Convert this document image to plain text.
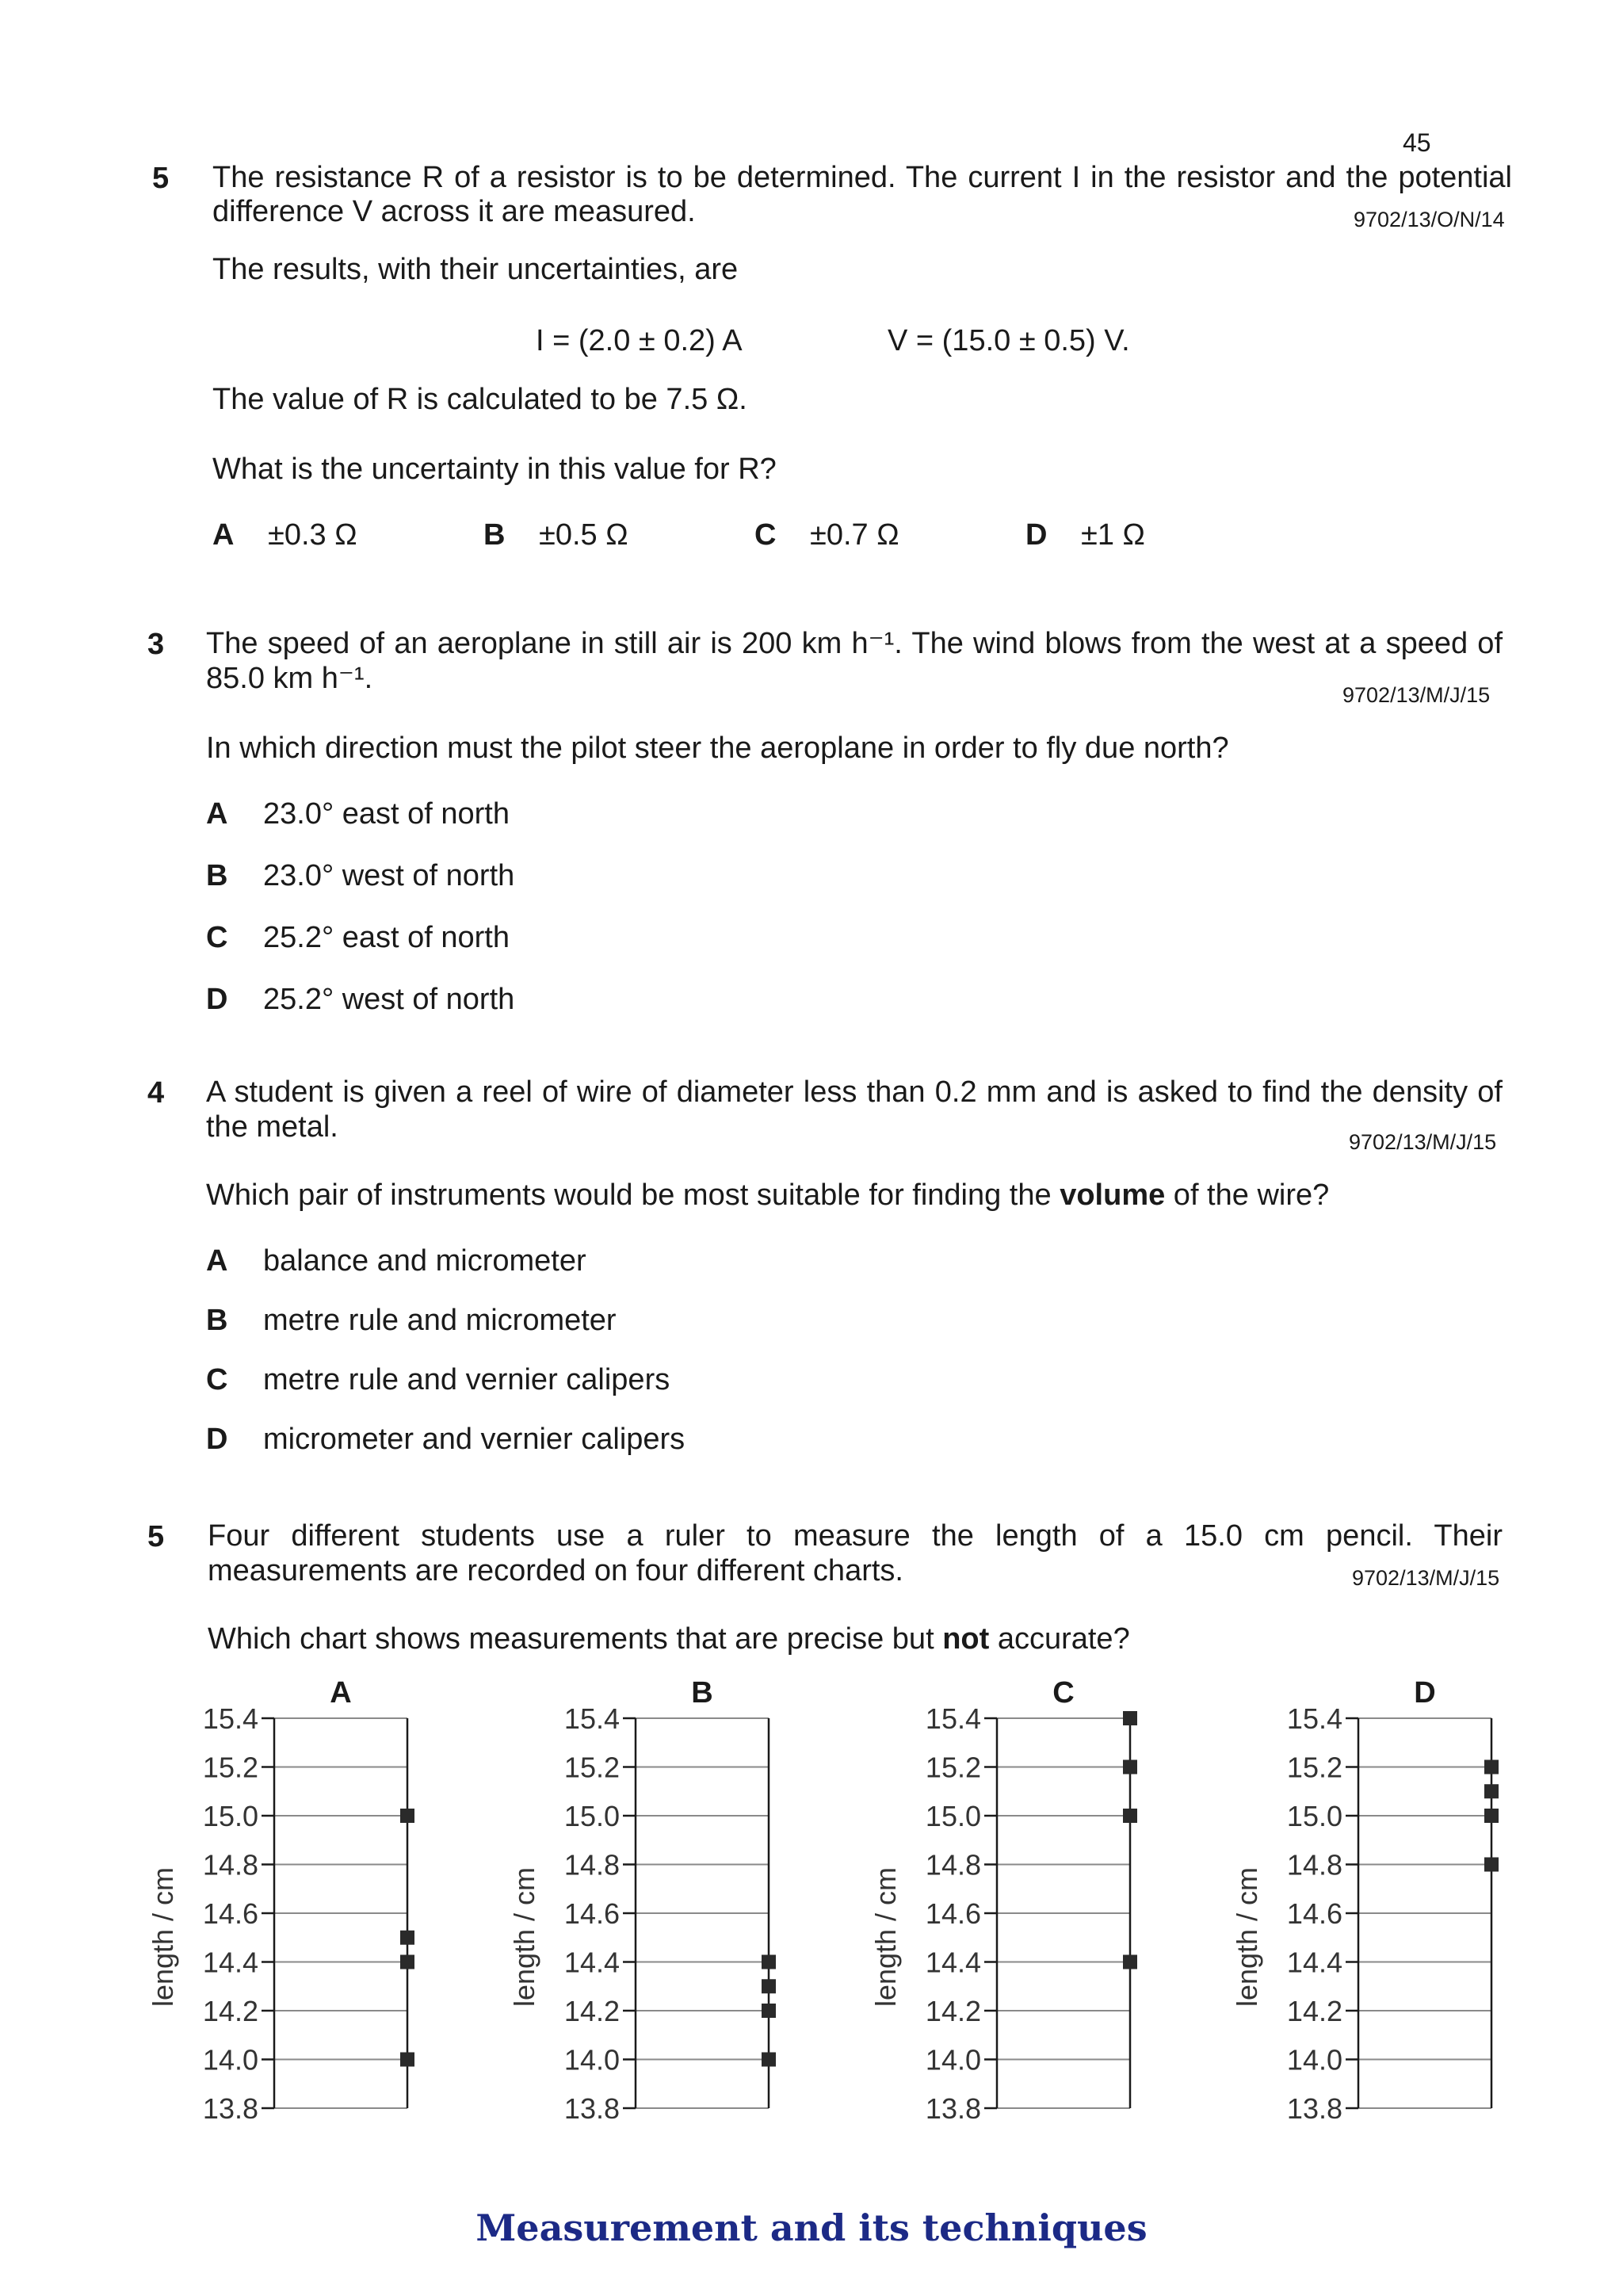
45
5 The resistance R of a resistor is to be determined. The current I in the resistor and the potential
difference V across it are measured.	9702/13/O/N/14
The results, with their uncertainties, are
I = (2.0 ± 0.2) A	V = (15.0 ± 0.5) V.
The value of R is calculated to be 7.5 Ω.
What is the uncertainty in this value for R?
A ±0.3 Ω	B ±0.5 Ω	C ±0.7 Ω	D ±1 Ω
3 The speed of an aeroplane in still air is 200 km h⁻¹. The wind blows from the west at a speed of
85.0 km h⁻¹.	9702/13/M/J/15
In which direction must the pilot steer the aeroplane in order to fly due north?
A 23.0° east of north
B 23.0° west of north
C 25.2° east of north
D 25.2° west of north
4 A student is given a reel of wire of diameter less than 0.2 mm and is asked to find the density of
the metal.	9702/13/M/J/15
Which pair of instruments would be most suitable for finding the volume of the wire?
A balance and micrometer
B metre rule and micrometer
C metre rule and vernier calipers
D micrometer and vernier calipers
5 Four different students use a ruler to measure the length of a 15.0 cm pencil. Their
measurements are recorded on four different charts.	9702/13/M/J/15
Which chart shows measurements that are precise but not accurate?
A
13.8
14.0
14.2
14.4
14.6
14.8
15.0
15.2
15.4
length / cm
B
13.8
14.0
14.2
14.4
14.6
14.8
15.0
15.2
15.4
length / cm
C
13.8
14.0
14.2
14.4
14.6
14.8
15.0
15.2
15.4
length / cm
D
13.8
14.0
14.2
14.4
14.6
14.8
15.0
15.2
15.4
length / cm
Measurement and its techniques
